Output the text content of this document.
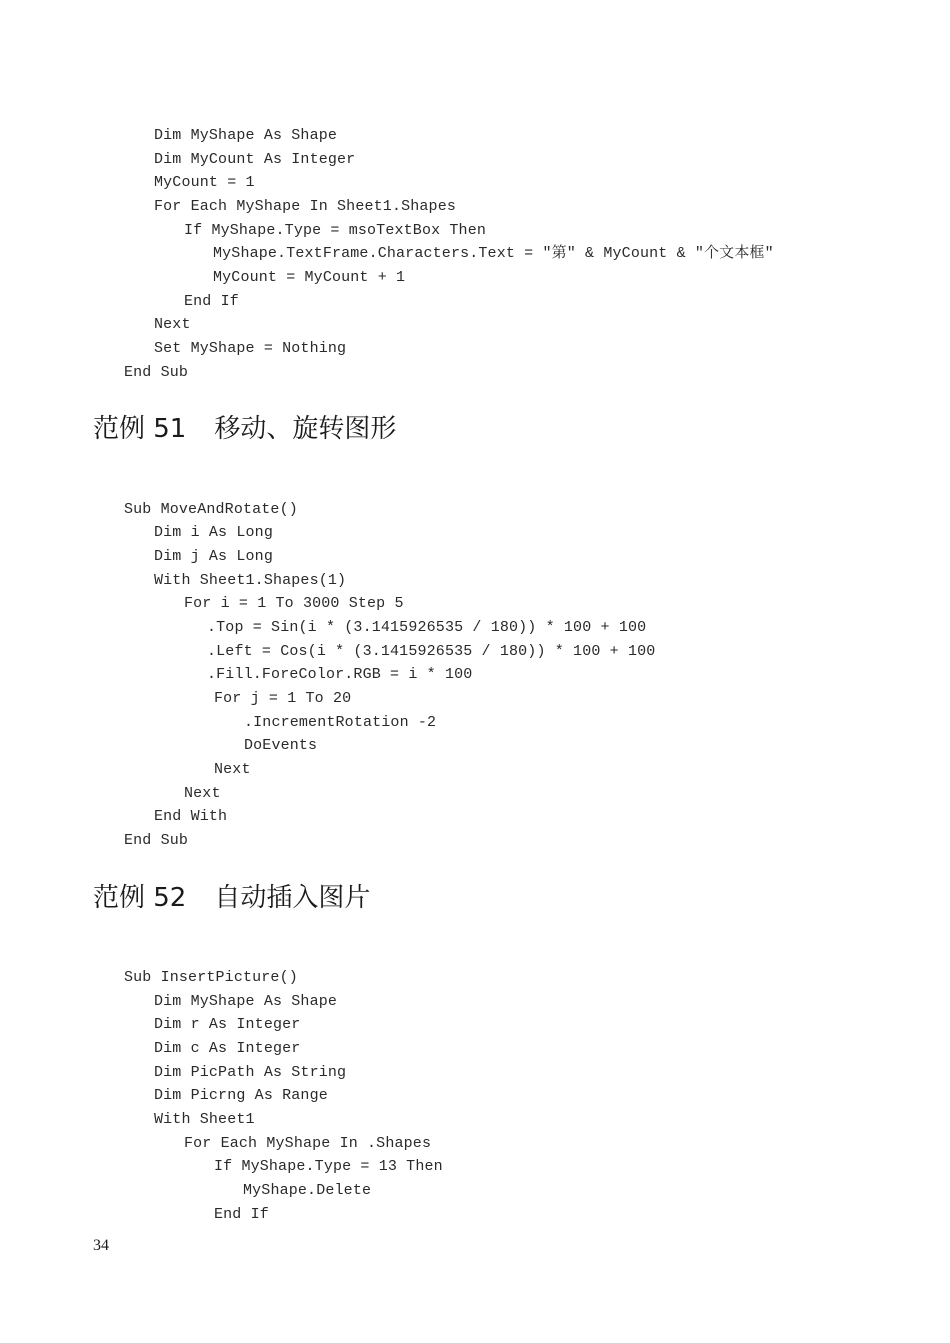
Dim MyShape As Shape
Dim MyCount As Integer
MyCount = 1
For Each MyShape In Sheet1.Shapes
If MyShape.Type = msoTextBox Then
MyShape.TextFrame.Characters.Text = "第" & MyCount & "个文本框"
MyCount = MyCount + 1
End If
Next
Set MyShape = Nothing
End Sub
范例 51 移动、旋转图形
Sub MoveAndRotate()
Dim i As Long
Dim j As Long
With Sheet1.Shapes(1)
For i = 1 To 3000 Step 5
.Top = Sin(i * (3.1415926535 / 180)) * 100 + 100
.Left = Cos(i * (3.1415926535 / 180)) * 100 + 100
.Fill.ForeColor.RGB = i * 100
For j = 1 To 20
.IncrementRotation -2
DoEvents
Next
Next
End With
End Sub
范例 52 自动插入图片
Sub InsertPicture()
Dim MyShape As Shape
Dim r As Integer
Dim c As Integer
Dim PicPath As String
Dim Picrng As Range
With Sheet1
For Each MyShape In .Shapes
If MyShape.Type = 13 Then
MyShape.Delete
End If
34
